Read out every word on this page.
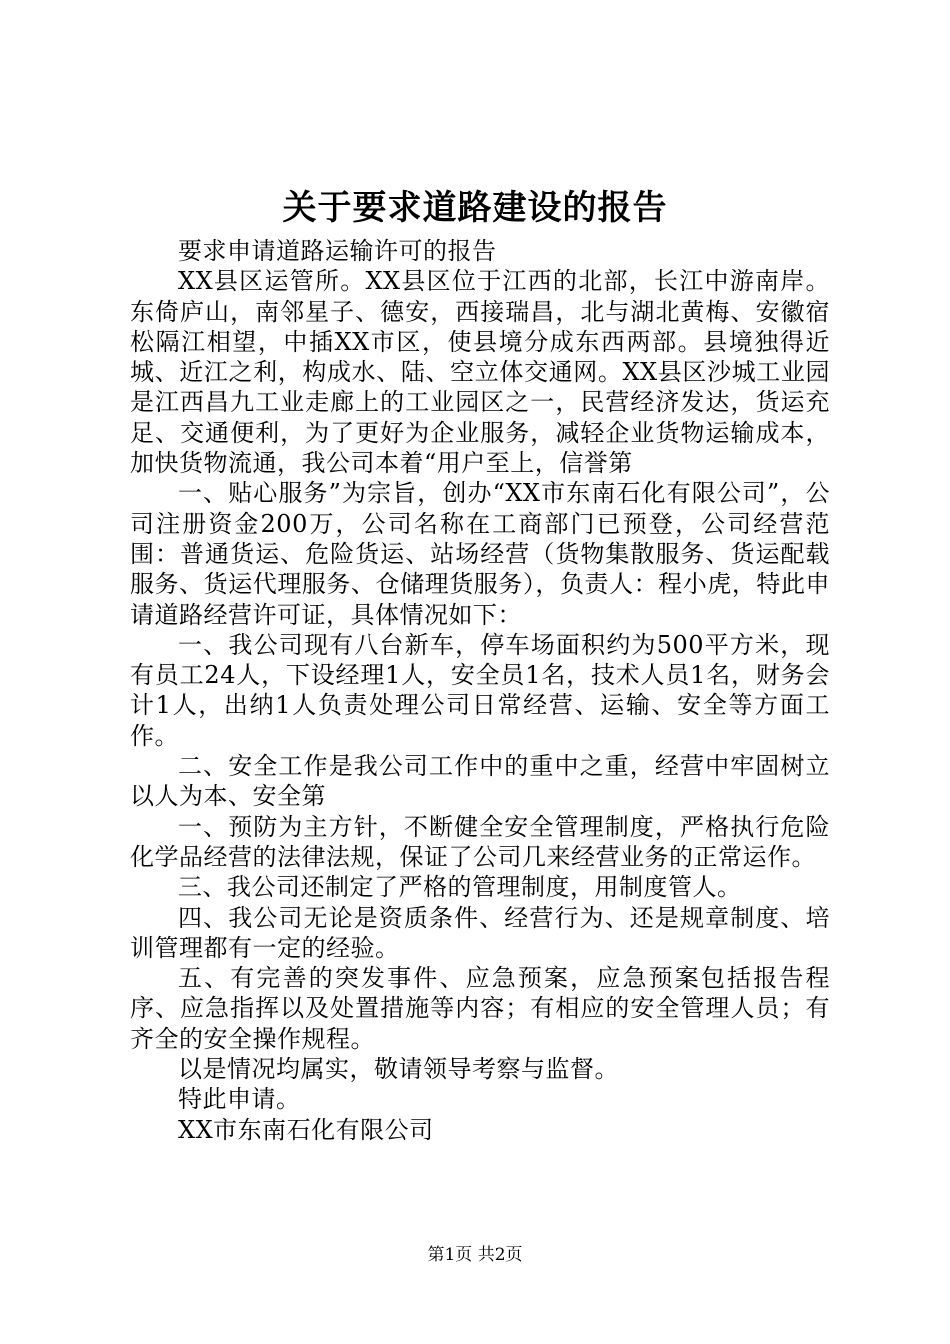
关于要求道路建设的报告

要求申请道路运输许可的报告

XX县区运管所。XX县区位于江西的北部，长江中游南岸。东倚庐山，南邻星子、德安，西接瑞昌，北与湖北黄梅、安徽宿松隔江相望，中插XX市区，使县境分成东西两部。县境独得近城、近江之利，构成水、陆、空立体交通网。XX县区沙城工业园是江西昌九工业走廊上的工业园区之一，民营经济发达，货运充足、交通便利，为了更好为企业服务，减轻企业货物运输成本，加快货物流通，我公司本着“用户至上，信誉第

一、贴心服务”为宗旨，创办“XX市东南石化有限公司”，公司注册资金200万，公司名称在工商部门已预登，公司经营范围：普通货运、危险货运、站场经营（货物集散服务、货运配载服务、货运代理服务、仓储理货服务），负责人：程小虎，特此申请道路经营许可证，具体情况如下：

一、我公司现有八台新车，停车场面积约为500平方米，现有员工24人，下设经理1人，安全员1名，技术人员1名，财务会计1人，出纳1人负责处理公司日常经营、运输、安全等方面工作。

二、安全工作是我公司工作中的重中之重，经营中牢固树立以人为本、安全第

一、预防为主方针，不断健全安全管理制度，严格执行危险化学品经营的法律法规，保证了公司几来经营业务的正常运作。

三、我公司还制定了严格的管理制度，用制度管人。

四、我公司无论是资质条件、经营行为、还是规章制度、培训管理都有一定的经验。

五、有完善的突发事件、应急预案，应急预案包括报告程序、应急指挥以及处置措施等内容；有相应的安全管理人员；有齐全的安全操作规程。

以是情况均属实，敬请领导考察与监督。

特此申请。

XX市东南石化有限公司

第1页 共2页
